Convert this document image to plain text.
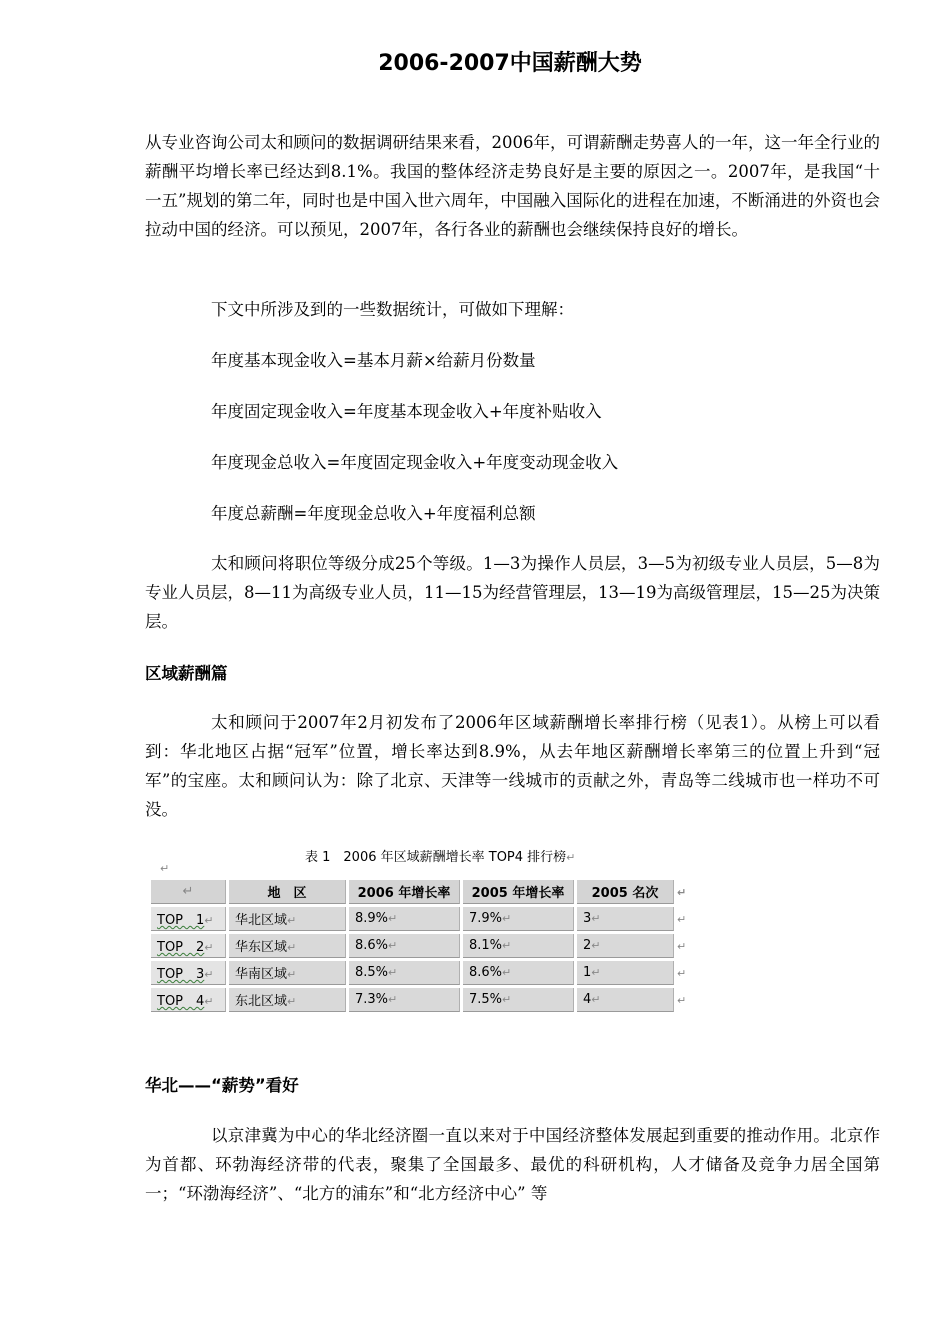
2006-2007中国薪酬大势

从专业咨询公司太和顾问的数据调研结果来看，2006年，可谓薪酬走势喜人的一年，这一年全行业的薪酬平均增长率已经达到8.1%。我国的整体经济走势良好是主要的原因之一。2007年，是我国“十一五”规划的第二年，同时也是中国入世六周年，中国融入国际化的进程在加速，不断涌进的外资也会拉动中国的经济。可以预见，2007年，各行各业的薪酬也会继续保持良好的增长。

下文中所涉及到的一些数据统计，可做如下理解：

年度基本现金收入=基本月薪×给薪月份数量

年度固定现金收入=年度基本现金收入+年度补贴收入

年度现金总收入=年度固定现金收入+年度变动现金收入

年度总薪酬=年度现金总收入+年度福利总额

太和顾问将职位等级分成25个等级。1—3为操作人员层，3—5为初级专业人员层，5—8为专业人员层，8—11为高级专业人员，11—15为经营管理层，13—19为高级管理层，15—25为决策层。

区域薪酬篇

太和顾问于2007年2月初发布了2006年区域薪酬增长率排行榜（见表1）。从榜上可以看到：华北地区占据“冠军”位置，增长率达到8.9%，从去年地区薪酬增长率第三的位置上升到“冠军”的宝座。太和顾问认为：除了北京、天津等一线城市的贡献之外，青岛等二线城市也一样功不可没。

表 1　2006 年区域薪酬增长率 TOP4 排行榜↵
↵
↵	地　区	2006 年增长率	2005 年增长率	2005 名次	↵
TOP　1↵	华北区域↵	8.9%↵	7.9%↵	3↵	↵
TOP　2↵	华东区域↵	8.6%↵	8.1%↵	2↵	↵
TOP　3↵	华南区域↵	8.5%↵	8.6%↵	1↵	↵
TOP　4↵	东北区域↵	7.3%↵	7.5%↵	4↵	↵
华北——“薪势”看好

以京津冀为中心的华北经济圈一直以来对于中国经济整体发展起到重要的推动作用。北京作为首都、环勃海经济带的代表，聚集了全国最多、最优的科研机构，人才储备及竞争力居全国第一；“环渤海经济”、“北方的浦东”和“北方经济中心” 等
